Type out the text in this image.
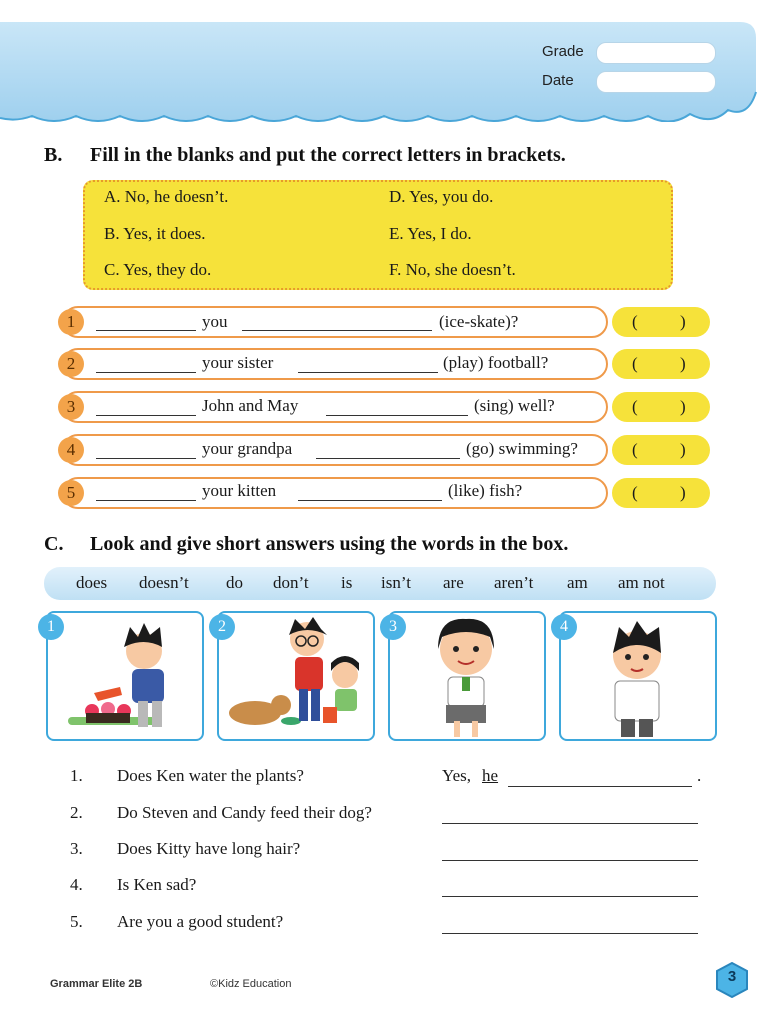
Grade
Date
B. Fill in the blanks and put the correct letters in brackets.
A. No, he doesn’t.
B. Yes, it does.
C. Yes, they do.
D. Yes, you do.
E. Yes, I do.
F. No, she doesn’t.
1	you	(ice-skate)?	( )
2	your sister	(play) football?	( )
3	John and May	(sing) well?	( )
4	your grandpa	(go) swimming?	( )
5	your kitten	(like) fish?	( )
C. Look and give short answers using the words in the box.
does doesn’t do don’t is isn’t are aren’t am am not
1	2	3	4
1. Does Ken water the plants?	Yes, he	.
2. Do Steven and Candy feed their dog?
3. Does Kitty have long hair?
4. Is Ken sad?
5. Are you a good student?
Grammar Elite 2B	©Kidz Education	3
